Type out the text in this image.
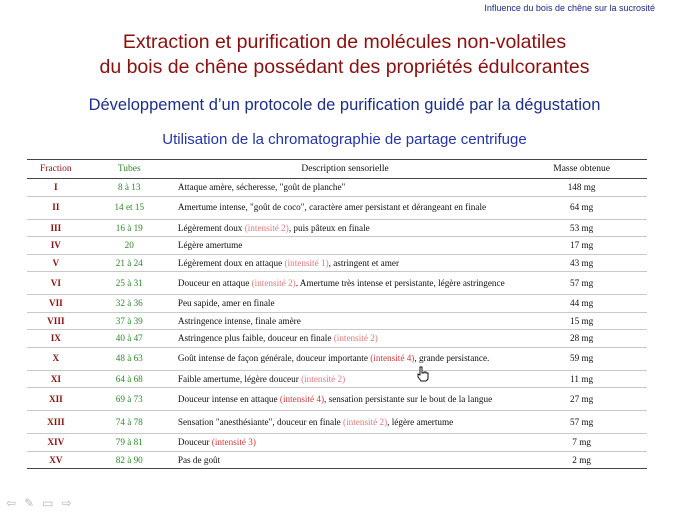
Influence du bois de chêne sur la sucrosité
Extraction et purification de molécules non-volatiles
du bois de chêne possédant des propriétés édulcorantes
Développement d’un protocole de purification guidé par la dégustation
Utilisation de la chromatographie de partage centrifuge
Fraction	Tubes	Description sensorielle	Masse obtenue
I	8 à 13	Attaque amère, sécheresse, "goût de planche"	148 mg
II	14 et 15	Amertume intense, "goût de coco", caractère amer persistant et dérangeant en finale	64 mg
III	16 à 19	Légèrement doux (intensité 2), puis pâteux en finale	53 mg
IV	20	Légère amertume	17 mg
V	21 à 24	Légèrement doux en attaque (intensité 1), astringent et amer	43 mg
VI	25 à 31	Douceur en attaque (intensité 2). Amertume très intense et persistante, légère astringence	57 mg
VII	32 à 36	Peu sapide, amer en finale	44 mg
VIII	37 à 39	Astringence intense, finale amère	15 mg
IX	40 à 47	Astringence plus faible, douceur en finale (intensité 2)	28 mg
X	48 à 63	Goût intense de façon générale, douceur importante (intensité 4), grande persistance.	59 mg
XI	64 à 68	Faible amertume, légère douceur (intensité 2)	11 mg
XII	69 à 73	Douceur intense en attaque (intensité 4), sensation persistante sur le bout de la langue	27 mg
XIII	74 à 78	Sensation "anesthésiante", douceur en finale (intensité 2), légère amertume	57 mg
XIV	79 à 81	Douceur (intensité 3)	7 mg
XV	82 à 90	Pas de goût	2 mg
⇦ ✎ ▭ ⇨
